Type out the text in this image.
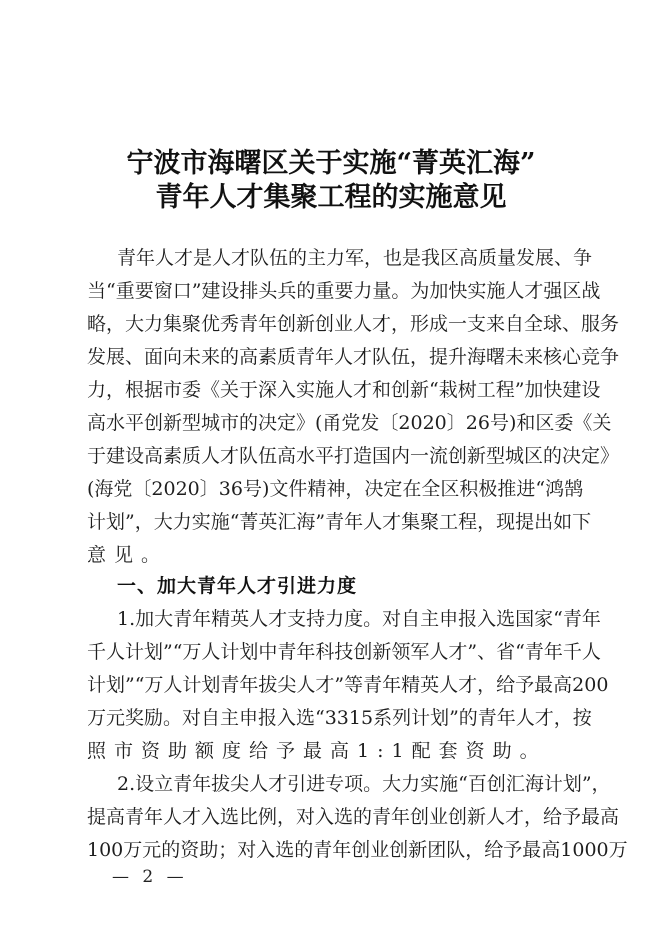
宁波市海曙区关于实施“菁英汇海”
青年人才集聚工程的实施意见
青年人才是人才队伍的主力军，也是我区高质量发展、争
当“重要窗口”建设排头兵的重要力量。为加快实施人才强区战
略，大力集聚优秀青年创新创业人才，形成一支来自全球、服务
发展、面向未来的高素质青年人才队伍，提升海曙未来核心竞争
力，根据市委《关于深入实施人才和创新“栽树工程”加快建设
高水平创新型城市的决定》(甬党发〔2020〕26号)和区委《关
于建设高素质人才队伍高水平打造国内一流创新型城区的决定》
(海党〔2020〕36号)文件精神，决定在全区积极推进“鸿鹄
计划”，大力实施“菁英汇海”青年人才集聚工程，现提出如下
意见。
一、加大青年人才引进力度
1.加大青年精英人才支持力度。对自主申报入选国家“青年
千人计划”“万人计划中青年科技创新领军人才”、省“青年千人
计划”“万人计划青年拔尖人才”等青年精英人才，给予最高200
万元奖励。对自主申报入选“3315系列计划”的青年人才，按
照市资助额度给予最高1:1配套资助。
2.设立青年拔尖人才引进专项。大力实施“百创汇海计划”，
提高青年人才入选比例，对入选的青年创业创新人才，给予最高
100万元的资助；对入选的青年创业创新团队，给予最高1000万
— 2 —
